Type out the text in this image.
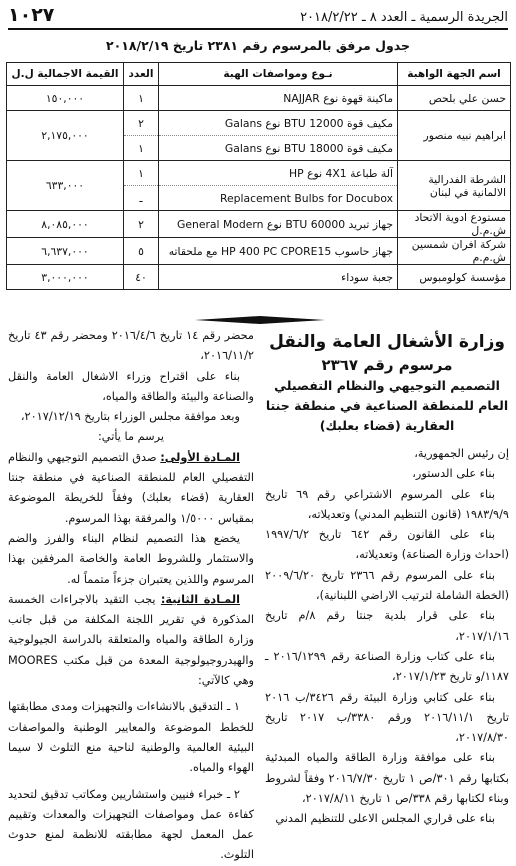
١٠٢٧	الجريدة الرسمية ـ العدد ٨ ـ ٢٠١٨/٢/٢٢
جدول مرفق بالمرسوم رقم ٢٣٨١ تاريخ ٢٠١٨/٢/١٩
اسم الجهة الواهبة	نـوع ومواصفات الهبة	العدد	القيمة الاجمالية ل.ل
حسن علي بلحص	ماكينة قهوة نوع NAJJAR	١	١٥٠,٠٠٠
ابراهيم نبيه منصور	مكيف قوة 12000 BTU نوع Galans	٢	٢,١٧٥,٠٠٠
	مكيف قوة 18000 BTU نوع Galans	١	
الشرطة الفدرالية الالمانية في لبنان	آلة طباعة 4X1 نوع HP	١	٦٣٣,٠٠٠
	Replacement Bulbs for Docubox	ـ	
مستودع ادوية الاتحاد ش.م.ل	جهاز تبريد 60000 BTU نوع General Modern	٢	٨,٠٨٥,٠٠٠
شركة افران شمسين ش.م.م	جهاز حاسوب HP 400 PC CPORE15 مع ملحقاته	٥	٦,٦٣٧,٠٠٠
مؤسسة كولومبوس	جعبة سوداء	٤٠	٣,٠٠٠,٠٠٠

وزارة الأشغال العامة والنقل

مرسوم رقم ٢٣٦٧

التصميم التوجيهي والنظام التفصيلي العام للمنطقة الصناعية في منطقة جنتا العقارية (قضاء بعلبك)

إن رئيس الجمهورية،

بناء على الدستور،

بناء على المرسوم الاشتراعي رقم ٦٩ تاريخ ١٩٨٣/٩/٩ (قانون التنظيم المدني) وتعديلاته،

بناء على القانون رقم ٦٤٢ تاريخ ١٩٩٧/٦/٢ (احداث وزارة الصناعة) وتعديلاته،

بناء على المرسوم رقم ٢٣٦٦ تاريخ ٢٠٠٩/٦/٢٠ (الخطة الشاملة لترتيب الاراضي اللبنانية)،

بناء على قرار بلدية جنتا رقم ٨/م تاريخ ٢٠١٧/١/١٦،

بناء على كتاب وزارة الصناعة رقم ٢٠١٦/١٢٩٩ ـ ١١٨٧/و تاريخ ٢٠١٧/١/٢٣،

بناء على كتابي وزارة البيئة رقم ٣٤٢٦/ب ٢٠١٦ تاريخ ٢٠١٦/١١/١ ورقم ٣٣٨٠/ب ٢٠١٧ تاريخ ٢٠١٧/٨/٣٠،

بناء على موافقة وزارة الطاقة والمياه المبدئية بكتابها رقم ٣٠١/ص ١ تاريخ ٢٠١٦/٧/٣٠ وفقاً لشروط وبناء لكتابها رقم ٣٣٨/ص ١ تاريخ ٢٠١٧/٨/١١،

بناء على قراري المجلس الاعلى للتنظيم المدني

محضر رقم ١٤ تاريخ ٢٠١٦/٤/٦ ومحضر رقم ٤٣ تاريخ ٢٠١٦/١١/٢،

بناء على اقتراح وزراء الاشغال العامة والنقل والصناعة والبيئة والطاقة والمياه،

وبعد موافقة مجلس الوزراء بتاريخ ٢٠١٧/١٢/١٩،

يرسم ما يأتي:

المـادة الأولى: صدق التصميم التوجيهي والنظام التفصيلي العام للمنطقة الصناعية في منطقة جنتا العقارية (قضاء بعلبك) وفقاً للخريطة الموضوعة بمقياس ١/٥٠٠٠ والمرفقة بهذا المرسوم.

يخضع هذا التصميم لنظام البناء والفرز والضم والاستثمار وللشروط العامة والخاصة المرفقين بهذا المرسوم واللذين يعتبران جزءاً متمماً له.

المـادة الثانية: يجب التقيد بالاجراءات الخمسة المذكورة في تقرير اللجنة المكلفة من قبل جانب وزارة الطاقة والمياه والمتعلقة بالدراسة الجيولوجية والهيدروجيولوجية المعدة من قبل مكتب MOORES وهي كالآتي:

١ ـ التدقيق بالانشاءات والتجهيزات ومدى مطابقتها للخطط الموضوعة والمعايير الوطنية والمواصفات البيئية العالمية والوطنية لناحية منع التلوث لا سيما الهواء والمياه.

٢ ـ خبراء فنيين واستشاريين ومكاتب تدقيق لتحديد كفاءة عمل ومواصفات التجهيزات والمعدات وتقييم عمل المعمل لجهة مطابقته للانظمة لمنع حدوث التلوث.
